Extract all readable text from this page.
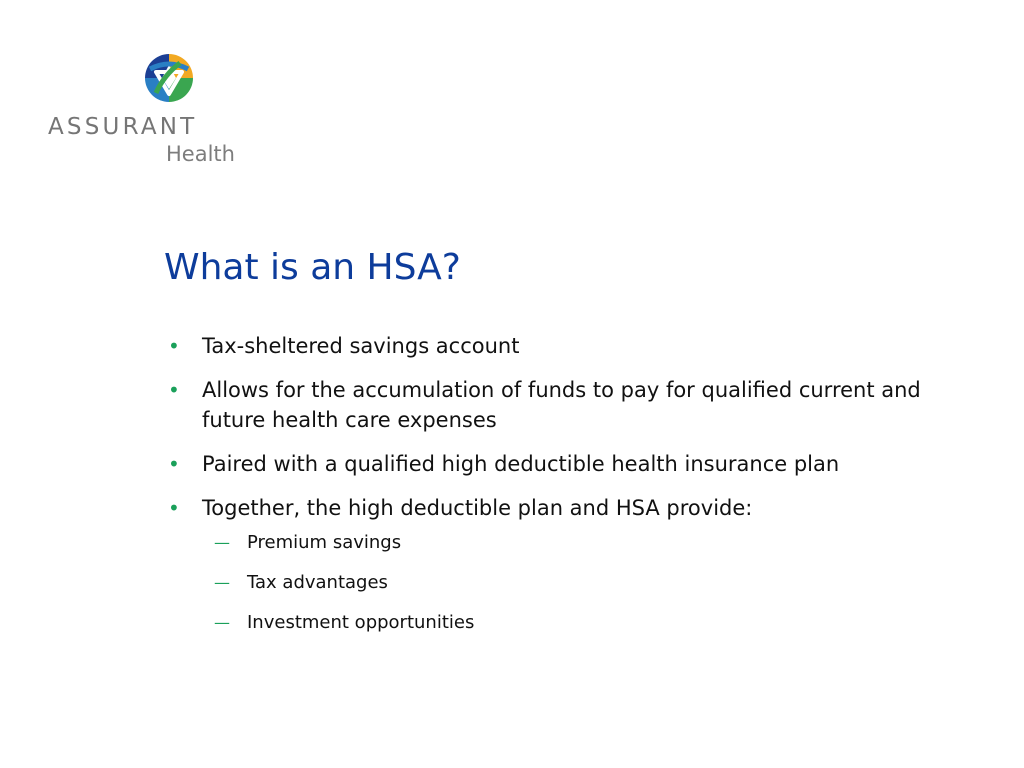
ASSURANT
Health
What is an HSA?
• Tax-sheltered savings account
• Allows for the accumulation of funds to pay for qualified current and future health care expenses
• Paired with a qualified high deductible health insurance plan
• Together, the high deductible plan and HSA provide:
— Premium savings
— Tax advantages
— Investment opportunities
